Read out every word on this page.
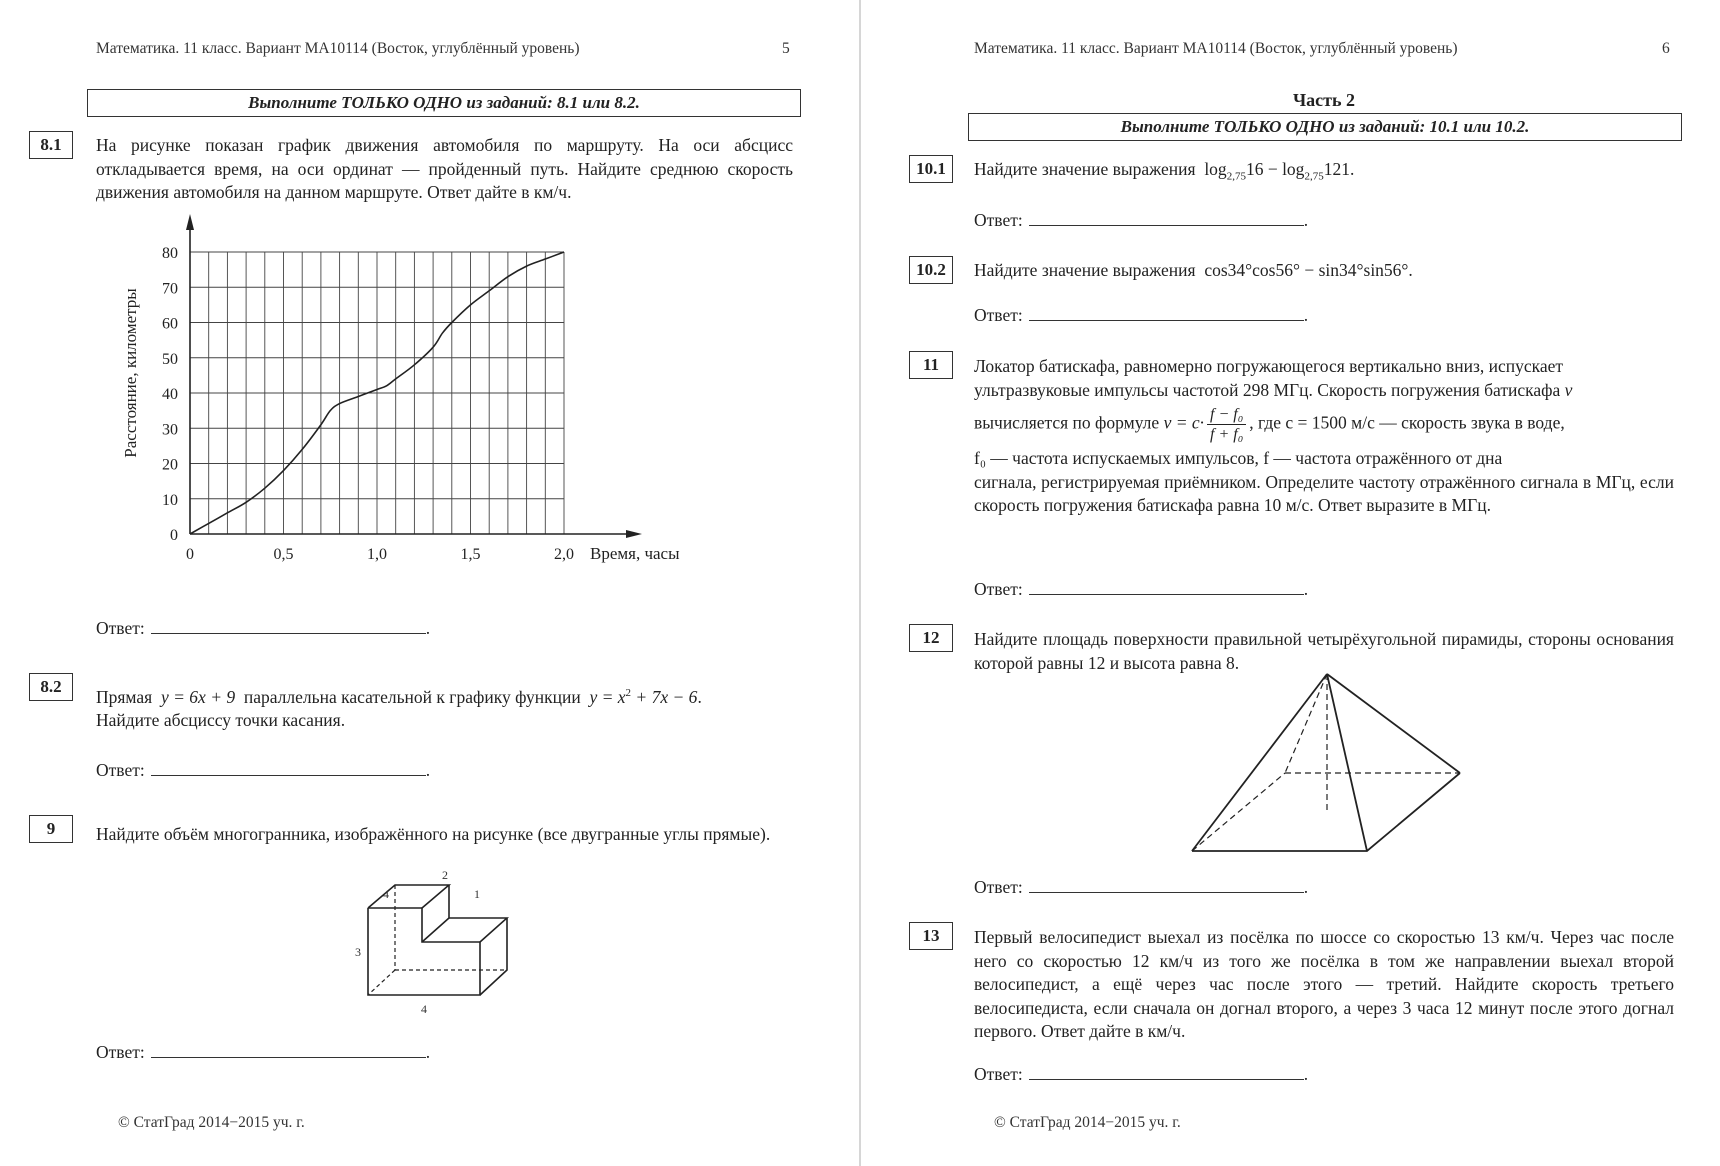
Математика. 11 класс. Вариант МА10114 (Восток, углублённый уровень)	5
Выполните ТОЛЬКО ОДНО из заданий: 8.1 или 8.2.
8.1	На рисунке показан график движения автомобиля по маршруту. На оси абсцисс откладывается время, на оси ординат — пройденный путь. Найдите среднюю скорость движения автомобиля на данном маршруте. Ответ дайте в км/ч.
0
10
20
30
40
50
60
70
80
0	0,5	1,0	1,5	2,0 Время, часы
Расстояние, километры
Ответ:	.
8.2
Прямая y = 6x + 9 параллельна касательной к графику функции $y = x^2 + 7x - 6$.
Найдите абсциссу точки касания.
Ответ:	.
9	Найдите объём многогранника, изображённого на рисунке (все двугранные углы прямые).
2
4	1
3
4
Ответ:	.
© СтатГрад 2014−2015 уч. г.
Математика. 11 класс. Вариант МА10114 (Восток, углублённый уровень)	6
Часть 2
Выполните ТОЛЬКО ОДНО из заданий: 10.1 или 10.2.
10.1	Найдите значение выражения $\log_{2,75}16 - \log_{2,75}121$.
Ответ:	.
10.2	Найдите значение выражения cos34°cos56° − sin34°sin56°.
Ответ:	.
11	Локатор батискафа, равномерно погружающегося вертикально вниз, испускает
ультразвуковые импульсы частотой 298 МГц. Скорость погружения батискафа v
вычисляется по формуле $v = c\cdot \frac{\text{f − f₀}}{\text{f + f₀}}$ , где c = 1500 м/с — скорость звука в воде,
f₀ — частота испускаемых импульсов, f — частота отражённого от дна
сигнала, регистрируемая приёмником. Определите частоту отражённого сигнала в МГц, если скорость погружения батискафа равна 10 м/с. Ответ выразите в МГц.
Ответ:	.
12	Найдите площадь поверхности правильной четырёхугольной пирамиды, стороны основания которой равны 12 и высота равна 8.
Ответ:	.
13	Первый велосипедист выехал из посёлка по шоссе со скоростью 13 км/ч. Через час после него со скоростью 12 км/ч из того же посёлка в том же направлении выехал второй велосипедист, а ещё через час после этого — третий. Найдите скорость третьего велосипедиста, если сначала он догнал второго, а через 3 часа 12 минут после этого догнал первого. Ответ дайте в км/ч.
Ответ:	.
© СтатГрад 2014−2015 уч. г.
